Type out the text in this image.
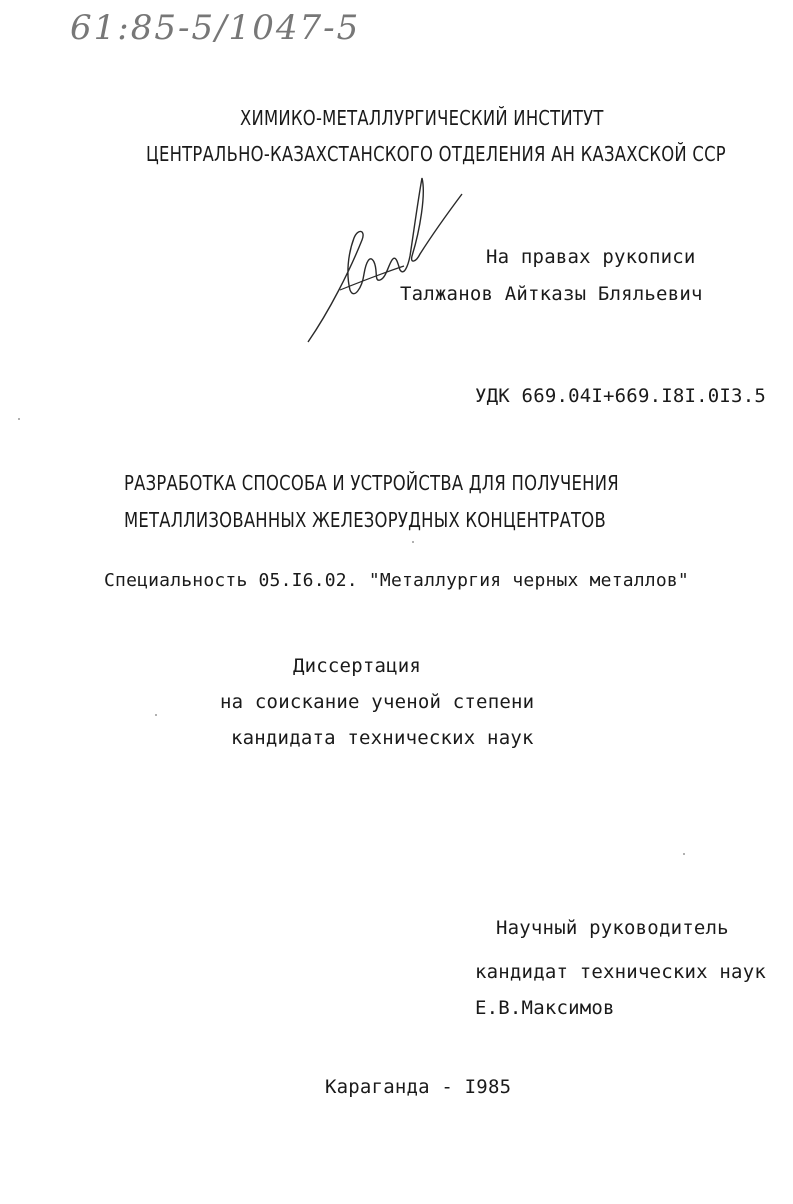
61:85-5/1047-5
ХИМИКО-МЕТАЛЛУРГИЧЕСКИЙ ИНСТИТУТ
ЦЕНТРАЛЬНО-КАЗАХСТАНСКОГО ОТДЕЛЕНИЯ АН КАЗАХСКОЙ ССР
На правах рукописи
Талжанов Айтказы Бляльевич
УДК 669.04I+669.I8I.0I3.5
РАЗРАБОТКА СПОСОБА И УСТРОЙСТВА ДЛЯ ПОЛУЧЕНИЯ
МЕТАЛЛИЗОВАННЫХ ЖЕЛЕЗОРУДНЫХ КОНЦЕНТРАТОВ
Специальность 05.I6.02. "Металлургия черных металлов"
Диссертация
на соискание ученой степени
кандидата технических наук
Научный руководитель
кандидат технических наук
Е.В.Максимов
Караганда - I985
